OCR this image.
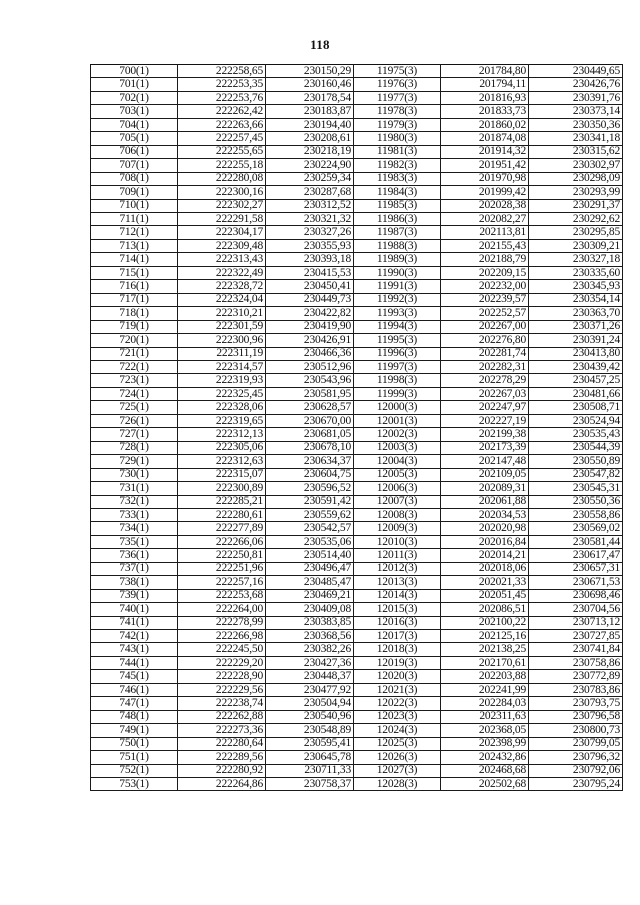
118
700(1)	222258,65	230150,29	11975(3)	201784,80	230449,65
701(1)	222253,35	230160,46	11976(3)	201794,11	230426,76
702(1)	222253,76	230178,54	11977(3)	201816,93	230391,76
703(1)	222262,42	230183,87	11978(3)	201833,73	230373,14
704(1)	222263,66	230194,40	11979(3)	201860,02	230350,36
705(1)	222257,45	230208,61	11980(3)	201874,08	230341,18
706(1)	222255,65	230218,19	11981(3)	201914,32	230315,62
707(1)	222255,18	230224,90	11982(3)	201951,42	230302,97
708(1)	222280,08	230259,34	11983(3)	201970,98	230298,09
709(1)	222300,16	230287,68	11984(3)	201999,42	230293,99
710(1)	222302,27	230312,52	11985(3)	202028,38	230291,37
711(1)	222291,58	230321,32	11986(3)	202082,27	230292,62
712(1)	222304,17	230327,26	11987(3)	202113,81	230295,85
713(1)	222309,48	230355,93	11988(3)	202155,43	230309,21
714(1)	222313,43	230393,18	11989(3)	202188,79	230327,18
715(1)	222322,49	230415,53	11990(3)	202209,15	230335,60
716(1)	222328,72	230450,41	11991(3)	202232,00	230345,93
717(1)	222324,04	230449,73	11992(3)	202239,57	230354,14
718(1)	222310,21	230422,82	11993(3)	202252,57	230363,70
719(1)	222301,59	230419,90	11994(3)	202267,00	230371,26
720(1)	222300,96	230426,91	11995(3)	202276,80	230391,24
721(1)	222311,19	230466,36	11996(3)	202281,74	230413,80
722(1)	222314,57	230512,96	11997(3)	202282,31	230439,42
723(1)	222319,93	230543,96	11998(3)	202278,29	230457,25
724(1)	222325,45	230581,95	11999(3)	202267,03	230481,66
725(1)	222328,06	230628,57	12000(3)	202247,97	230508,71
726(1)	222319,65	230670,00	12001(3)	202227,19	230524,94
727(1)	222312,13	230681,05	12002(3)	202199,38	230535,43
728(1)	222305,06	230678,10	12003(3)	202173,39	230544,39
729(1)	222312,63	230634,37	12004(3)	202147,48	230550,89
730(1)	222315,07	230604,75	12005(3)	202109,05	230547,82
731(1)	222300,89	230596,52	12006(3)	202089,31	230545,31
732(1)	222285,21	230591,42	12007(3)	202061,88	230550,36
733(1)	222280,61	230559,62	12008(3)	202034,53	230558,86
734(1)	222277,89	230542,57	12009(3)	202020,98	230569,02
735(1)	222266,06	230535,06	12010(3)	202016,84	230581,44
736(1)	222250,81	230514,40	12011(3)	202014,21	230617,47
737(1)	222251,96	230496,47	12012(3)	202018,06	230657,31
738(1)	222257,16	230485,47	12013(3)	202021,33	230671,53
739(1)	222253,68	230469,21	12014(3)	202051,45	230698,46
740(1)	222264,00	230409,08	12015(3)	202086,51	230704,56
741(1)	222278,99	230383,85	12016(3)	202100,22	230713,12
742(1)	222266,98	230368,56	12017(3)	202125,16	230727,85
743(1)	222245,50	230382,26	12018(3)	202138,25	230741,84
744(1)	222229,20	230427,36	12019(3)	202170,61	230758,86
745(1)	222228,90	230448,37	12020(3)	202203,88	230772,89
746(1)	222229,56	230477,92	12021(3)	202241,99	230783,86
747(1)	222238,74	230504,94	12022(3)	202284,03	230793,75
748(1)	222262,88	230540,96	12023(3)	202311,63	230796,58
749(1)	222273,36	230548,89	12024(3)	202368,05	230800,73
750(1)	222280,64	230595,41	12025(3)	202398,99	230799,05
751(1)	222289,56	230645,78	12026(3)	202432,86	230796,32
752(1)	222280,92	230711,33	12027(3)	202468,68	230792,06
753(1)	222264,86	230758,37	12028(3)	202502,68	230795,24
